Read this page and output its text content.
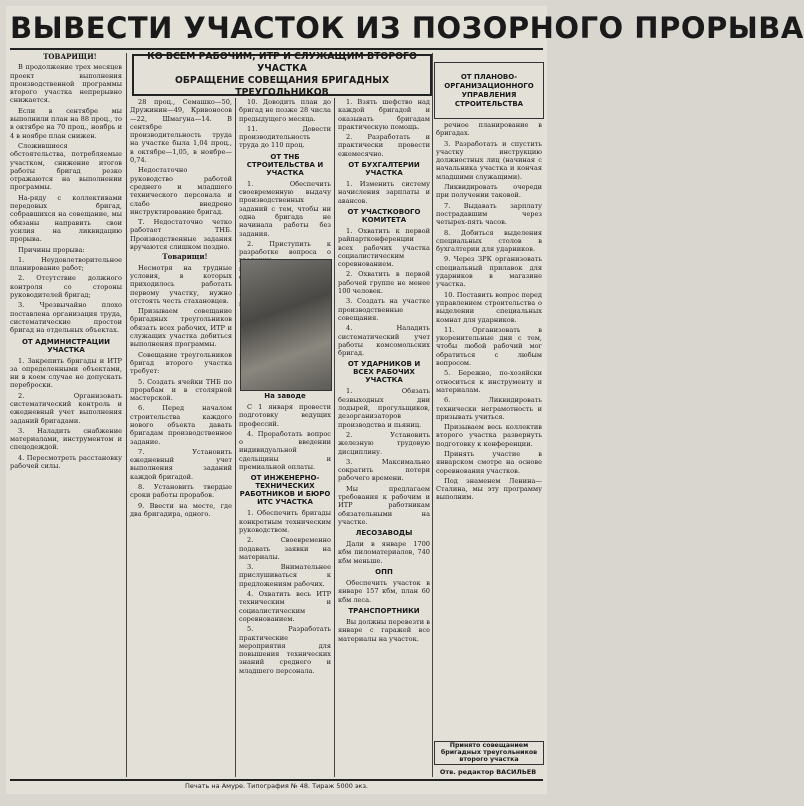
ВЫВЕСТИ УЧАСТОК ИЗ ПОЗОРНОГО ПРОРЫВА
КО ВСЕМ РАБОЧИМ, ИТР И СЛУЖАЩИМ ВТОРОГО УЧАСТКА
ОБРАЩЕНИЕ СОВЕЩАНИЯ БРИГАДНЫХ ТРЕУГОЛЬНИКОВ
ОТ ПЛАНОВО-ОРГАНИЗАЦИОННОГО УПРАВЛЕНИЯ СТРОИТЕЛЬСТВА

ТОВАРИЩИ!

В продолжение трех месяцев проект выполнения производственной программы второго участка непрерывно снижается.

Если в сентябре мы выполнили план на 88 проц., то в октябре на 70 проц., ноябрь и 4 в ноябре план снижен.

Сложившиеся обстоятельства, потребляемые участком, снижение итогов работы бригад резко отражаются на выполнении программы.

На-ряду с коллективами передовых бригад, собравшихся на совещание, мы обязаны направить свои усилия на ликвидацию прорыва.

Причины прорыва:

1. Неудовлетворительное планирование работ;

2. Отсутствие должного контроля со стороны руководителей бригад;

3. Чрезвычайно плохо поставлена организация труда, систематические простои бригад на отдельных объектах.

ОТ АДМИНИСТРАЦИИ УЧАСТКА

1. Закрепить бригады и ИТР за определенными объектами, ни в коем случае не допускать переброски.

2. Организовать систематический контроль и ежедневный учет выполнения заданий бригадами.

3. Наладить снабжение материалами, инструментом и спецодеждой.

4. Пересмотреть расстановку рабочей силы.

28 проц., Семашко—50, Дружинин—49, Кривоносов—22, Шмагуна—14. В сентябре производительность труда на участке была 1,04 проц., в октябре—1,05, в ноябре—0,74.

Недостаточно руководство работой среднего и младшего технического персонала и слабо внедрено инструктирование бригад.

Т. Недостаточно четко работает ТНБ. Производственные задания вручаются слишком поздно.

Товарищи!

Несмотря на трудные условия, в которых приходилось работать первому участку, нужно отстоять честь стахановцев.

Призываем совещание бригадных треугольников обязать всех рабочих, ИТР и служащих участка добиться выполнения программы.

Совещание треугольников бригад второго участка требует:

5. Создать ячейки ТНБ по прорабам и в столярной мастерской.

6. Перед началом строительства каждого нового объекта давать бригадам производственное задание.

7. Установить ежедневный учет выполнения заданий каждой бригадой.

8. Установить твердые сроки работы прорабов.

9. Ввести на месте, где два бригадира, одного.

10. Доводить план до бригад не позже 28 числа предыдущего месяца.

11. Довести производительность труда до 110 проц.

ОТ ТНБ СТРОИТЕЛЬСТВА И УЧАСТКА

1. Обеспечить своевременную выдачу производственных заданий с тем, чтобы ни одна бригада не начинала работы без задания.

2. Приступить к разработке вопроса о

На заводе

С 1 января провести подготовку ведущих профессий.

4. Проработать вопрос о введении индивидуальной сдельщины и премиальной оплаты.

ОТ ИНЖЕНЕРНО-ТЕХНИЧЕСКИХ РАБОТНИКОВ И БЮРО ИТС УЧАСТКА

1. Обеспечить бригады конкретным техническим руководством.

2. Своевременно подавать заявки на материалы.

3. Внимательнее прислушиваться к предложениям рабочих.

4. Охватить весь ИТР техническим и социалистическим соревнованием.

5. Разработать практические мероприятия для повышения технических знаний среднего и младшего персонала.

1. Взять шефство над каждой бригадой и оказывать бригадам практическую помощь.

2. Разработать и практически провести ежемесячно.

ОТ БУХГАЛТЕРИИ УЧАСТКА

1. Изменить систему начисления зарплаты и авансов.

ОТ УЧАСТКОВОГО КОМИТЕТА

1. Охватить к первой райпартконференции всех рабочих участка социалистическим соревнованием.

2. Охватить в первой рабочей группе не менее 100 человек.

3. Создать на участке производственные совещания.

4. Наладить систематический учет работы комсомольских бригад.

ОТ УДАРНИКОВ И ВСЕХ РАБОЧИХ УЧАСТКА

1. Обязать безвыходных дни лодырей, прогульщиков, дезорганизаторов производства и пьяниц.

2. Установить железную трудовую дисциплину.

3. Максимально сократить потери рабочего времени.

Мы предлагаем требования к рабочим и ИТР работникам обязательными на участке.

ЛЕСОЗАВОДЫ

Дали в январе 1700 кбм пиломатериалов, 740 кбм меньше.

ОПП

Обеспечить участок в январе 157 кбм, план 60 кбм леса.

ТРАНСПОРТНИКИ

Вы должны перевезти в январе с гаражей все материалы на участок.

речное планирование в бригадах.

3. Разработать и спустить участку инструкцию должностных лиц (начиная с начальника участка и кончая младшими служащими).

Ликвидировать очереди при получении таковой.

7. Выдавать зарплату пострадавшим через четырех-пять часов.

8. Добиться выделения специальных столов в бухгалтерии для ударников.

9. Через ЗРК организовать специальный прилавок для ударников в магазине участка.

10. Поставить вопрос перед управлением строительства о выделении специальных комнат для ударников.

11. Организовать в укоренительные дни с тем, чтобы любой рабочий мог обратиться с любым вопросом.

5. Бережно, по-хозяйски относиться к инструменту и материалам.

6. Ликвидировать технически неграмотность и призывать учиться.

Призываем весь коллектив второго участка развернуть подготовку к конференции.

Принять участие в январском смотре на основе соревнования участков.

Под знаменем Ленина—Сталина, мы эту программу выполним.

Принято совещанием бригадных треугольников второго участка
Отв. редактор ВАСИЛЬЕВ
Печать на Амуре. Типография № 48. Тираж 5000 экз.
